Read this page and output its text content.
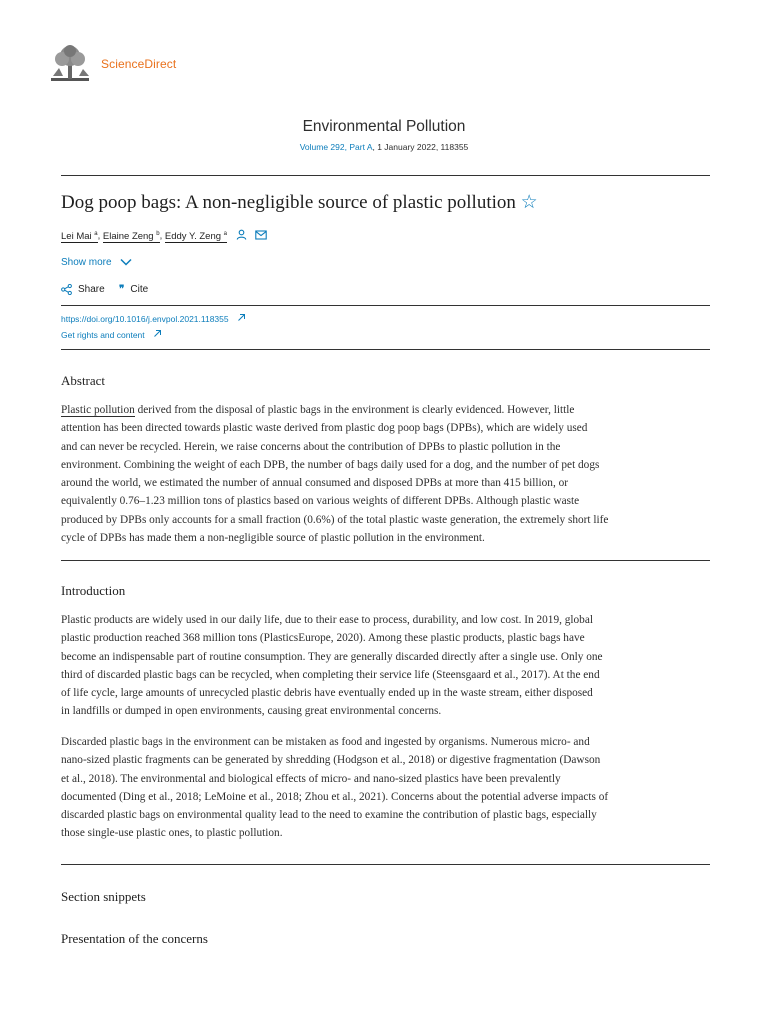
ScienceDirect
Environmental Pollution
Volume 292, Part A, 1 January 2022, 118355
Dog poop bags: A non-negligible source of plastic pollution ☆
Lei Mai $^a$, Elaine Zeng $^b$, Eddy Y. Zeng $^a$
Show more
Share ❞ Cite
https://doi.org/10.1016/j.envpol.2021.118355
Get rights and content
Abstract
Plastic pollution derived from the disposal of plastic bags in the environment is clearly evidenced. However, little
attention has been directed towards plastic waste derived from plastic dog poop bags (DPBs), which are widely used
and can never be recycled. Herein, we raise concerns about the contribution of DPBs to plastic pollution in the
environment. Combining the weight of each DPB, the number of bags daily used for a dog, and the number of pet dogs
around the world, we estimated the number of annual consumed and disposed DPBs at more than 415 billion, or
equivalently 0.76–1.23 million tons of plastics based on various weights of different DPBs. Although plastic waste
produced by DPBs only accounts for a small fraction (0.6%) of the total plastic waste generation, the extremely short life
cycle of DPBs has made them a non-negligible source of plastic pollution in the environment.
Introduction
Plastic products are widely used in our daily life, due to their ease to process, durability, and low cost. In 2019, global
plastic production reached 368 million tons (PlasticsEurope, 2020). Among these plastic products, plastic bags have
become an indispensable part of routine consumption. They are generally discarded directly after a single use. Only one
third of discarded plastic bags can be recycled, when completing their service life (Steensgaard et al., 2017). At the end
of life cycle, large amounts of unrecycled plastic debris have eventually ended up in the waste stream, either disposed
in landfills or dumped in open environments, causing great environmental concerns.
Discarded plastic bags in the environment can be mistaken as food and ingested by organisms. Numerous micro- and
nano-sized plastic fragments can be generated by shredding (Hodgson et al., 2018) or digestive fragmentation (Dawson
et al., 2018). The environmental and biological effects of micro- and nano-sized plastics have been prevalently
documented (Ding et al., 2018; LeMoine et al., 2018; Zhou et al., 2021). Concerns about the potential adverse impacts of
discarded plastic bags on environmental quality lead to the need to examine the contribution of plastic bags, especially
those single-use plastic ones, to plastic pollution.
Section snippets
Presentation of the concerns
